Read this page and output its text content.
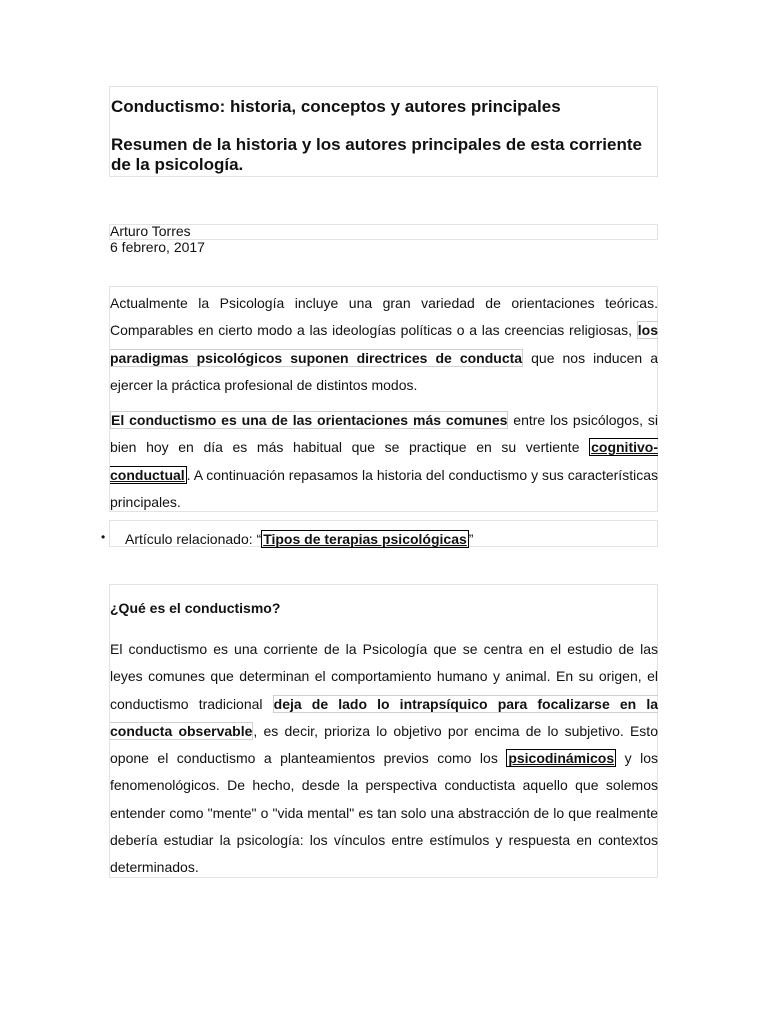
Conductismo: historia, conceptos y autores principales
Resumen de la historia y los autores principales de esta corriente de la psicología.
Arturo Torres
6 febrero, 2017

Actualmente la Psicología incluye una gran variedad de orientaciones teóricas. Comparables en cierto modo a las ideologías políticas o a las creencias religiosas, los paradigmas psicológicos suponen directrices de conducta que nos inducen a ejercer la práctica profesional de distintos modos.

El conductismo es una de las orientaciones más comunes entre los psicólogos, si bien hoy en día es más habitual que se practique en su vertiente cognitivo-conductual . A continuación repasamos la historia del conductismo y sus características principales.

• Artículo relacionado: “ Tipos de terapias psicológicas ”
¿Qué es el conductismo?

El conductismo es una corriente de la Psicología que se centra en el estudio de las leyes comunes que determinan el comportamiento humano y animal. En su origen, el conductismo tradicional deja de lado lo intrapsíquico para focalizarse en la conducta observable, es decir, prioriza lo objetivo por encima de lo subjetivo. Esto opone el conductismo a planteamientos previos como los psicodinámicos y los fenomenológicos. De hecho, desde la perspectiva conductista aquello que solemos entender como "mente" o "vida mental" es tan solo una abstracción de lo que realmente debería estudiar la psicología: los vínculos entre estímulos y respuesta en contextos determinados.
